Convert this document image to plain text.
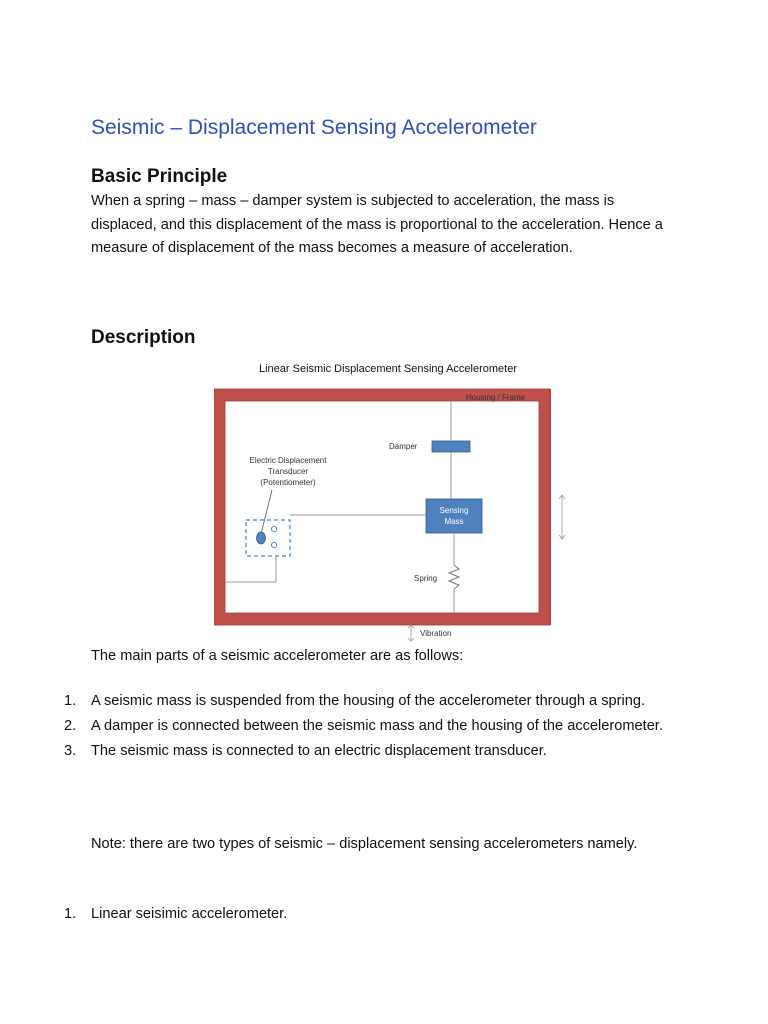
Seismic – Displacement Sensing Accelerometer
Basic Principle
When a spring – mass – damper system is subjected to acceleration, the mass is displaced, and this displacement of the mass is proportional to the acceleration. Hence a measure of displacement of the mass becomes a measure of acceleration.
Description
Linear Seismic Displacement Sensing Accelerometer
Housing / Frame
Damper
Sensing
Mass
Spring
Electric Displacement
Transducer
(Potentiometer)
Vibration
The main parts of a seismic accelerometer are as follows:
1. A seismic mass is suspended from the housing of the accelerometer through a spring.
2. A damper is connected between the seismic mass and the housing of the accelerometer.
3. The seismic mass is connected to an electric displacement transducer.
Note: there are two types of seismic – displacement sensing accelerometers namely.
1. Linear seisimic accelerometer.
